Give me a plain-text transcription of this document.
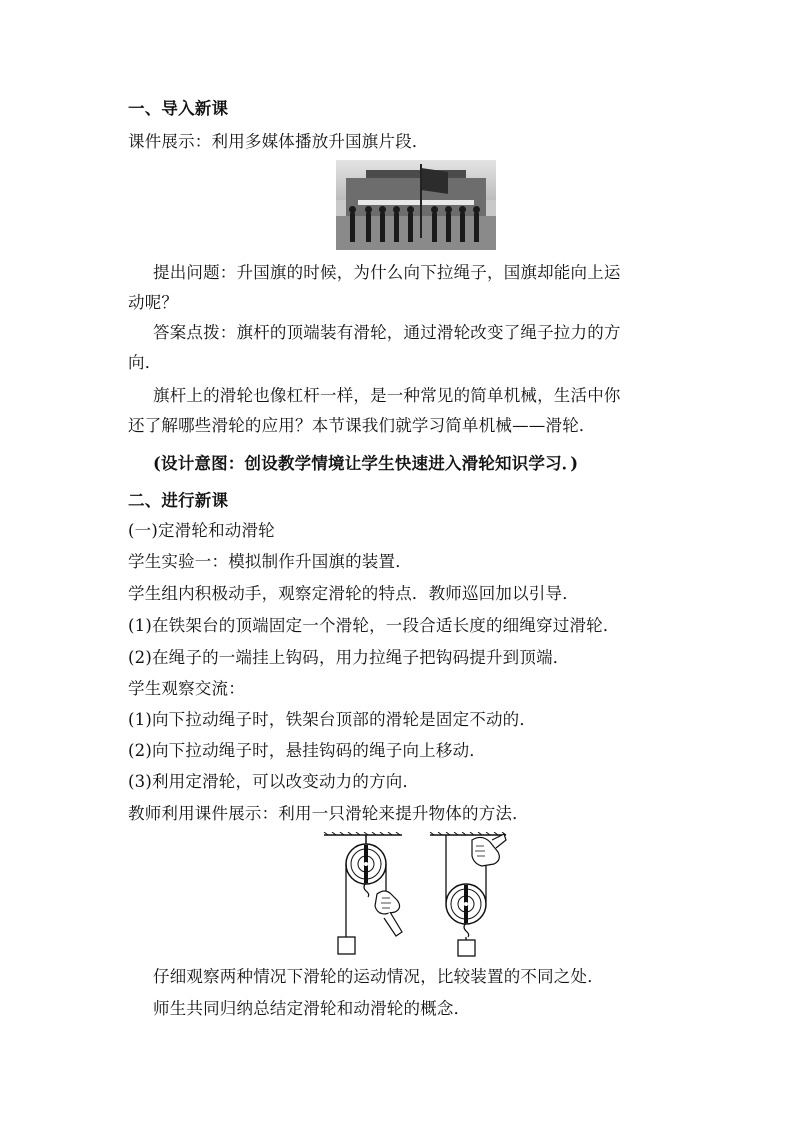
一、导入新课
课件展示：利用多媒体播放升国旗片段．
提出问题：升国旗的时候，为什么向下拉绳子，国旗却能向上运
动呢？
答案点拨：旗杆的顶端装有滑轮，通过滑轮改变了绳子拉力的方
向．
旗杆上的滑轮也像杠杆一样，是一种常见的简单机械，生活中你
还了解哪些滑轮的应用？本节课我们就学习简单机械——滑轮．
(设计意图：创设教学情境让学生快速进入滑轮知识学习．)
二、进行新课
(一)定滑轮和动滑轮
学生实验一：模拟制作升国旗的装置．
学生组内积极动手，观察定滑轮的特点．教师巡回加以引导．
(1)在铁架台的顶端固定一个滑轮，一段合适长度的细绳穿过滑轮．
(2)在绳子的一端挂上钩码，用力拉绳子把钩码提升到顶端．
学生观察交流：
(1)向下拉动绳子时，铁架台顶部的滑轮是固定不动的．
(2)向下拉动绳子时，悬挂钩码的绳子向上移动．
(3)利用定滑轮，可以改变动力的方向．
教师利用课件展示：利用一只滑轮来提升物体的方法．
仔细观察两种情况下滑轮的运动情况，比较装置的不同之处．
师生共同归纳总结定滑轮和动滑轮的概念．
